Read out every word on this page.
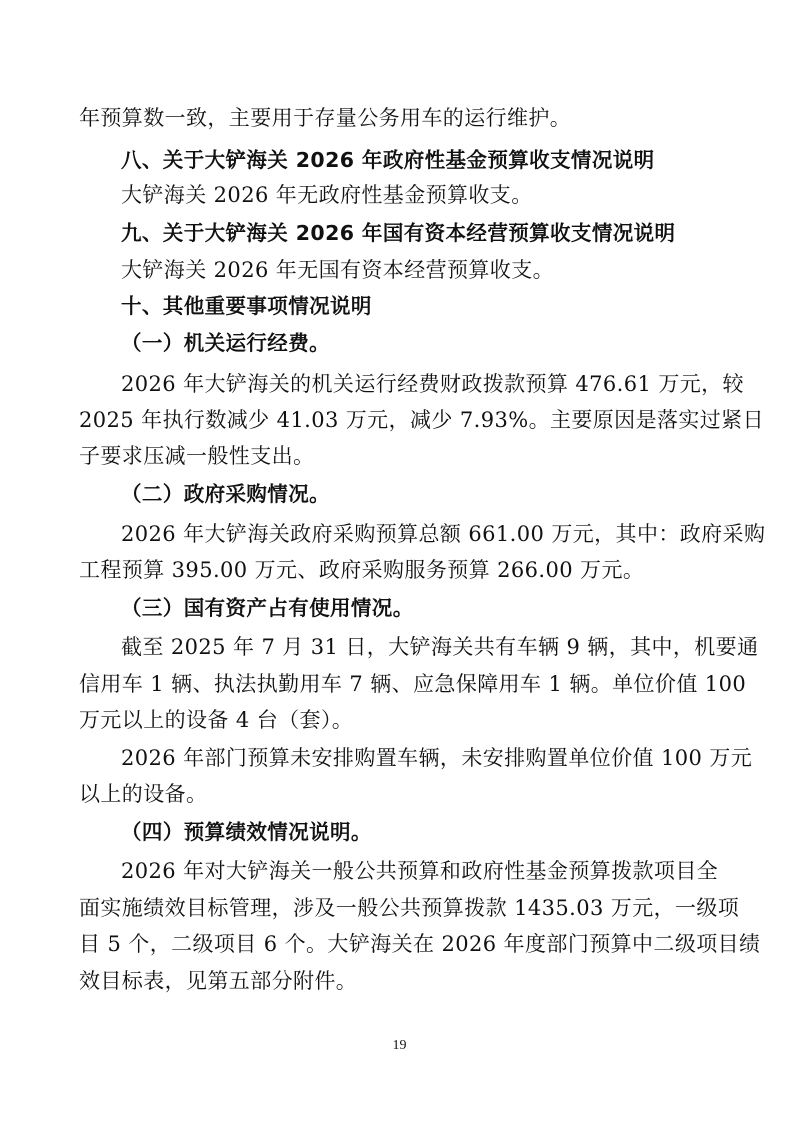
年预算数一致，主要用于存量公务用车的运行维护。
八、关于大铲海关 2026 年政府性基金预算收支情况说明
大铲海关 2026 年无政府性基金预算收支。
九、关于大铲海关 2026 年国有资本经营预算收支情况说明
大铲海关 2026 年无国有资本经营预算收支。
十、其他重要事项情况说明
（一）机关运行经费。
2026 年大铲海关的机关运行经费财政拨款预算 476.61 万元，较
2025 年执行数减少 41.03 万元，减少 7.93%。主要原因是落实过紧日
子要求压减一般性支出。
（二）政府采购情况。
2026 年大铲海关政府采购预算总额 661.00 万元，其中：政府采购
工程预算 395.00 万元、政府采购服务预算 266.00 万元。
（三）国有资产占有使用情况。
截至 2025 年 7 月 31 日，大铲海关共有车辆 9 辆，其中，机要通
信用车 1 辆、执法执勤用车 7 辆、应急保障用车 1 辆。单位价值 100
万元以上的设备 4 台（套）。
2026 年部门预算未安排购置车辆，未安排购置单位价值 100 万元
以上的设备。
（四）预算绩效情况说明。
2026 年对大铲海关一般公共预算和政府性基金预算拨款项目全
面实施绩效目标管理，涉及一般公共预算拨款 1435.03 万元，一级项
目 5 个，二级项目 6 个。大铲海关在 2026 年度部门预算中二级项目绩
效目标表，见第五部分附件。
19
